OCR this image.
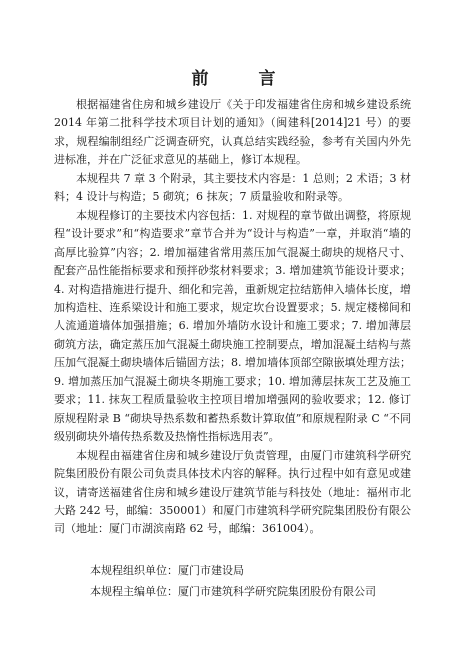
前 言

根据福建省住房和城乡建设厅《关于印发福建省住房和城乡建设系统 2014 年第二批科学技术项目计划的通知》（闽建科[2014]21 号）的要求，规程编制组经广泛调查研究，认真总结实践经验，参考有关国内外先进标准，并在广泛征求意见的基础上，修订本规程。

本规程共 7 章 3 个附录，其主要技术内容是：1 总则；2 术语；3 材料；4 设计与构造；5 砌筑；6 抹灰；7 质量验收和附录等。

本规程修订的主要技术内容包括：1. 对规程的章节做出调整，将原规程“设计要求”和“构造要求”章节合并为“设计与构造”一章，并取消“墙的高厚比验算”内容；2. 增加福建省常用蒸压加气混凝土砌块的规格尺寸、配套产品性能指标要求和预拌砂浆材料要求；3. 增加建筑节能设计要求；4. 对构造措施进行提升、细化和完善，重新规定拉结筋伸入墙体长度，增加构造柱、连系梁设计和施工要求，规定坎台设置要求；5. 规定楼梯间和人流通道墙体加强措施；6. 增加外墙防水设计和施工要求；7. 增加薄层砌筑方法，确定蒸压加气混凝土砌块施工控制要点，增加混凝土结构与蒸压加气混凝土砌块墙体后锚固方法；8. 增加墙体顶部空隙嵌填处理方法；9. 增加蒸压加气混凝土砌块冬期施工要求；10. 增加薄层抹灰工艺及施工要求；11. 抹灰工程质量验收主控项目增加增强网的验收要求；12. 修订原规程附录 B “砌块导热系数和蓄热系数计算取值”和原规程附录 C “不同级别砌块外墙传热系数及热惰性指标选用表”。

本规程由福建省住房和城乡建设厅负责管理，由厦门市建筑科学研究院集团股份有限公司负责具体技术内容的解释。执行过程中如有意见或建议，请寄送福建省住房和城乡建设厅建筑节能与科技处（地址：福州市北大路 242 号，邮编：350001）和厦门市建筑科学研究院集团股份有限公司（地址：厦门市湖滨南路 62 号，邮编：361004）。

本规程组织单位：厦门市建设局
本规程主编单位：厦门市建筑科学研究院集团股份有限公司
